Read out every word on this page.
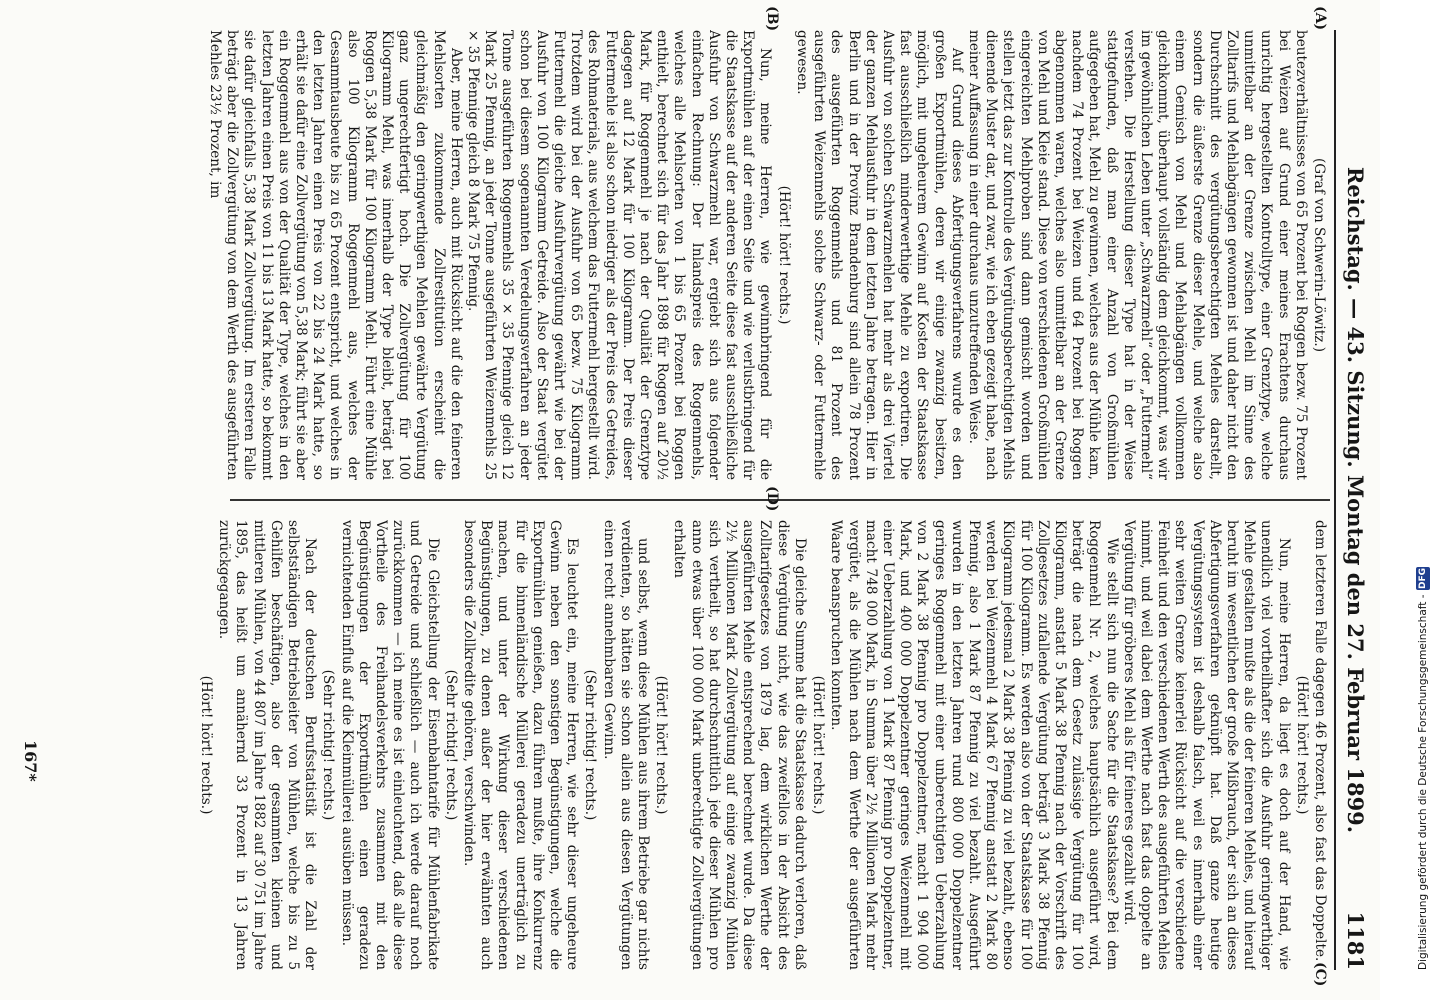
Reichstag. — 43. Sitzung. Montag den 27. Februar 1899.
1181
(A)
(B)
(C)
(D)

(Graf von Schwerin-Löwitz.)

beutezverhältnisses von 65 Prozent bei Roggen bezw. 75 Prozent bei Weizen auf Grund einer meines Erachtens durchaus unrichtig hergestellten Kontrolltype, einer Grenztype, welche unmittelbar an der Grenze zwischen Mehl im Sinne des Zolltarifs und Mehlabgängen gewonnen ist und daher nicht den Durchschnitt des vergütungsberechtigten Mehles darstellt, sondern die äußerste Grenze dieser Mehle, und welche also einem Gemisch von Mehl und Mehlabgängen vollkommen gleichkommt, überhaupt vollständig dem gleichkommt, was wir im gewöhnlichen Leben unter „Schwarzmehl“ oder „Futtermehl“ verstehen. Die Herstellung dieser Type hat in der Weise stattgefunden, daß man einer Anzahl von Großmühlen aufgegeben hat, Mehl zu gewinnen, welches aus der Mühle kam, nachdem 74 Prozent bei Weizen und 64 Prozent bei Roggen abgenommen waren, welches also unmittelbar an der Grenze von Mehl und Kleie stand. Diese von verschiedenen Großmühlen eingereichten Mehlproben sind dann gemischt worden und stellen jetzt das zur Kontrolle des Vergütungsberechtigten Mehls dienende Muster dar, und zwar, wie ich eben gezeigt habe, nach meiner Auffassung in einer durchaus unzutreffenden Weise.

Auf Grund dieses Abfertigungsverfahrens wurde es den großen Exportmühlen, deren wir einige zwanzig besitzen, möglich, mit ungeheurem Gewinn auf Kosten der Staatskasse fast ausschließlich minderwerthige Mehle zu exportiren. Die Ausfuhr von solchen Schwarzmehlen hat mehr als drei Viertel der ganzen Mehlausfuhr in dem letzten Jahre betragen. Hier in Berlin und in der Provinz Brandenburg sind allein 78 Prozent des ausgeführten Roggenmehls und 81 Prozent des ausgeführten Weizenmehls solche Schwarz- oder Futtermehle gewesen.

(Hört! hört! rechts.)

Nun, meine Herren, wie gewinnbringend für die Exportmühlen auf der einen Seite und wie verlustbringend für die Staatskasse auf der anderen Seite diese fast ausschließliche Ausfuhr von Schwarzmehl war, ergiebt sich aus folgender einfachen Rechnung: Der Inlandspreis des Roggenmehls, welches alle Mehlsorten von 1 bis 65 Prozent bei Roggen enthielt, berechnet sich für das Jahr 1898 für Roggen auf 20½ Mark, für Roggenmehl je nach der Qualität der Grenztype dagegen auf 12 Mark für 100 Kilogramm. Der Preis dieser Futtermehle ist also schon niedriger als der Preis des Getreides, des Rohmaterials, aus welchem das Futtermehl hergestellt wird. Trotzdem wird bei der Ausfuhr von 65 bezw. 75 Kilogramm Futtermehl die gleiche Ausfuhrvergütung gewährt wie bei der Ausfuhr von 100 Kilogramm Getreide. Also der Staat vergütet schon bei diesem sogenannten Veredelungsverfahren an jeder Tonne ausgeführten Roggenmehls 35 × 35 Pfennige gleich 12 Mark 25 Pfennig, an jeder Tonne ausgeführten Weizenmehls 25 × 35 Pfennige gleich 8 Mark 75 Pfennig.

Aber, meine Herren, auch mit Rücksicht auf die den feineren Mehlsorten zukommende Zollrestitution erscheint die gleichmäßig den geringwerthigen Mehlen gewährte Vergütung ganz ungerechtfertigt hoch. Die Zollvergütung für 100 Kilogramm Mehl, was innerhalb der Type bleibt, beträgt bei Roggen 5,38 Mark für 100 Kilogramm Mehl. Führt eine Mühle also 100 Kilogramm Roggenmehl aus, welches der Gesammtausbeute bis zu 65 Prozent entspricht, und welches in den letzten Jahren einen Preis von 22 bis 24 Mark hatte, so erhält sie dafür eine Zollvergütung von 5,38 Mark; führt sie aber ein Roggenmehl aus von der Qualität der Type, welches in den letzten Jahren einen Preis von 11 bis 13 Mark hatte, so bekommt sie dafür gleichfalls 5,38 Mark Zollvergütung. Im ersteren Falle beträgt aber die Zollvergütung von dem Werth des ausgeführten Mehles 23½ Prozent, im

dem letzteren Falle dagegen 46 Prozent, also fast das Doppelte.

(Hört! hört! rechts.)

Nun, meine Herren, da liegt es doch auf der Hand, wie unendlich viel vortheilhafter sich die Ausfuhr geringwerthiger Mehle gestalten mußte als die der feineren Mehles, und hierauf beruht im wesentlichen der große Mißbrauch, der sich an dieses Abfertigungsverfahren geknüpft hat. Daß ganze heutige Vergütungssystem ist deshalb falsch, weil es innerhalb einer sehr weiten Grenze keinerlei Rücksicht auf die verschiedene Feinheit und den verschiedenen Werth des ausgeführten Mehles nimmt, und weil dabei dem Werthe nach fast das doppelte an Vergütung für gröberes Mehl als für feineres gezahlt wird.

Wie stellt sich nun die Sache für die Staatskasse? Bei dem Roggenmehl Nr. 2, welches hauptsächlich ausgeführt wird, beträgt die nach dem Gesetz zulässige Vergütung für 100 Kilogramm, anstatt 5 Mark 38 Pfennig nach der Vorschrift des Zollgesetzes zufallende Vergütung beträgt 3 Mark 38 Pfennig für 100 Kilogramm. Es werden also von der Staatskasse für 100 Kilogramm jedesmal 2 Mark 38 Pfennig zu viel bezahlt, ebenso werden bei Weizenmehl 4 Mark 67 Pfennig anstatt 2 Mark 80 Pfennig, also 1 Mark 87 Pfennig zu viel bezahlt. Ausgeführt wurden in den letzten Jahren rund 800 000 Doppelzentner geringes Roggenmehl mit einer unberechtigten Ueberzahlung von 2 Mark 38 Pfennig pro Doppelzentner, macht 1 904 000 Mark, und 400 000 Doppelzentner geringes Weizenmehl mit einer Ueberzahlung von 1 Mark 87 Pfennig pro Doppelzentner, macht 748 000 Mark, in Summa über 2½ Millionen Mark mehr vergütet, als die Mühlen nach dem Werthe der ausgeführten Waare beanspruchen konnten.

(Hört! hört! rechts.)

Die gleiche Summe hat die Staatskasse dadurch verloren, daß diese Vergütung nicht, wie das zweifellos in der Absicht des Zolltarifgesetzes von 1879 lag, dem wirklichen Werthe der ausgeführten Mehle entsprechend berechnet wurde. Da diese 2½ Millionen Mark Zollvergütung auf einige zwanzig Mühlen sich vertheilt, so hat durchschnittlich jede dieser Mühlen pro anno etwas über 100 000 Mark unberechtigte Zollvergütungen erhalten

(Hört! hört! rechts.)

und selbst, wenn diese Mühlen aus ihrem Betriebe gar nichts verdienten, so hätten sie schon allein aus diesen Vergütungen einen recht annehmbaren Gewinn.

(Sehr richtig! rechts.)

Es leuchtet ein, meine Herren, wie sehr dieser ungeheure Gewinn neben den sonstigen Begünstigungen, welche die Exportmühlen genießen, dazu führen mußte, ihre Konkurrenz für die binnenländische Müllerei geradezu unerträglich zu machen, und unter der Wirkung dieser verschiedenen Begünstigungen, zu denen außer der hier erwähnten auch besonders die Zollkredite gehören, verschwinden.

(Sehr richtig! rechts.)

Die Gleichstellung der Eisenbahntarife für Mühlenfabrikate und Getreide und schließlich — auch ich werde darauf noch zurückkommen — ich meine es ist einleuchtend, daß alle diese Vortheile des Freihandelsverkehrs zusammen mit den Begünstigungen der Exportmühlen einen geradezu vernichtenden Einfluß auf die Kleinmüllerei ausüben müssen.

(Sehr richtig! rechts.)

Nach der deutschen Berufsstatistik ist die Zahl der selbstständigen Betriebsleiter von Mühlen, welche bis zu 5 Gehilfen beschäftigen, also der gesammten kleinen und mittleren Mühlen, von 44 807 im Jahre 1882 auf 30 751 im Jahre 1895, das heißt um annähernd 33 Prozent in 13 Jahren zurückgegangen.

(Hört! hört! rechts.)

167*	Digitalisierung gefördert durch die Deutsche Forschungsgemeinschaft -
DFG
